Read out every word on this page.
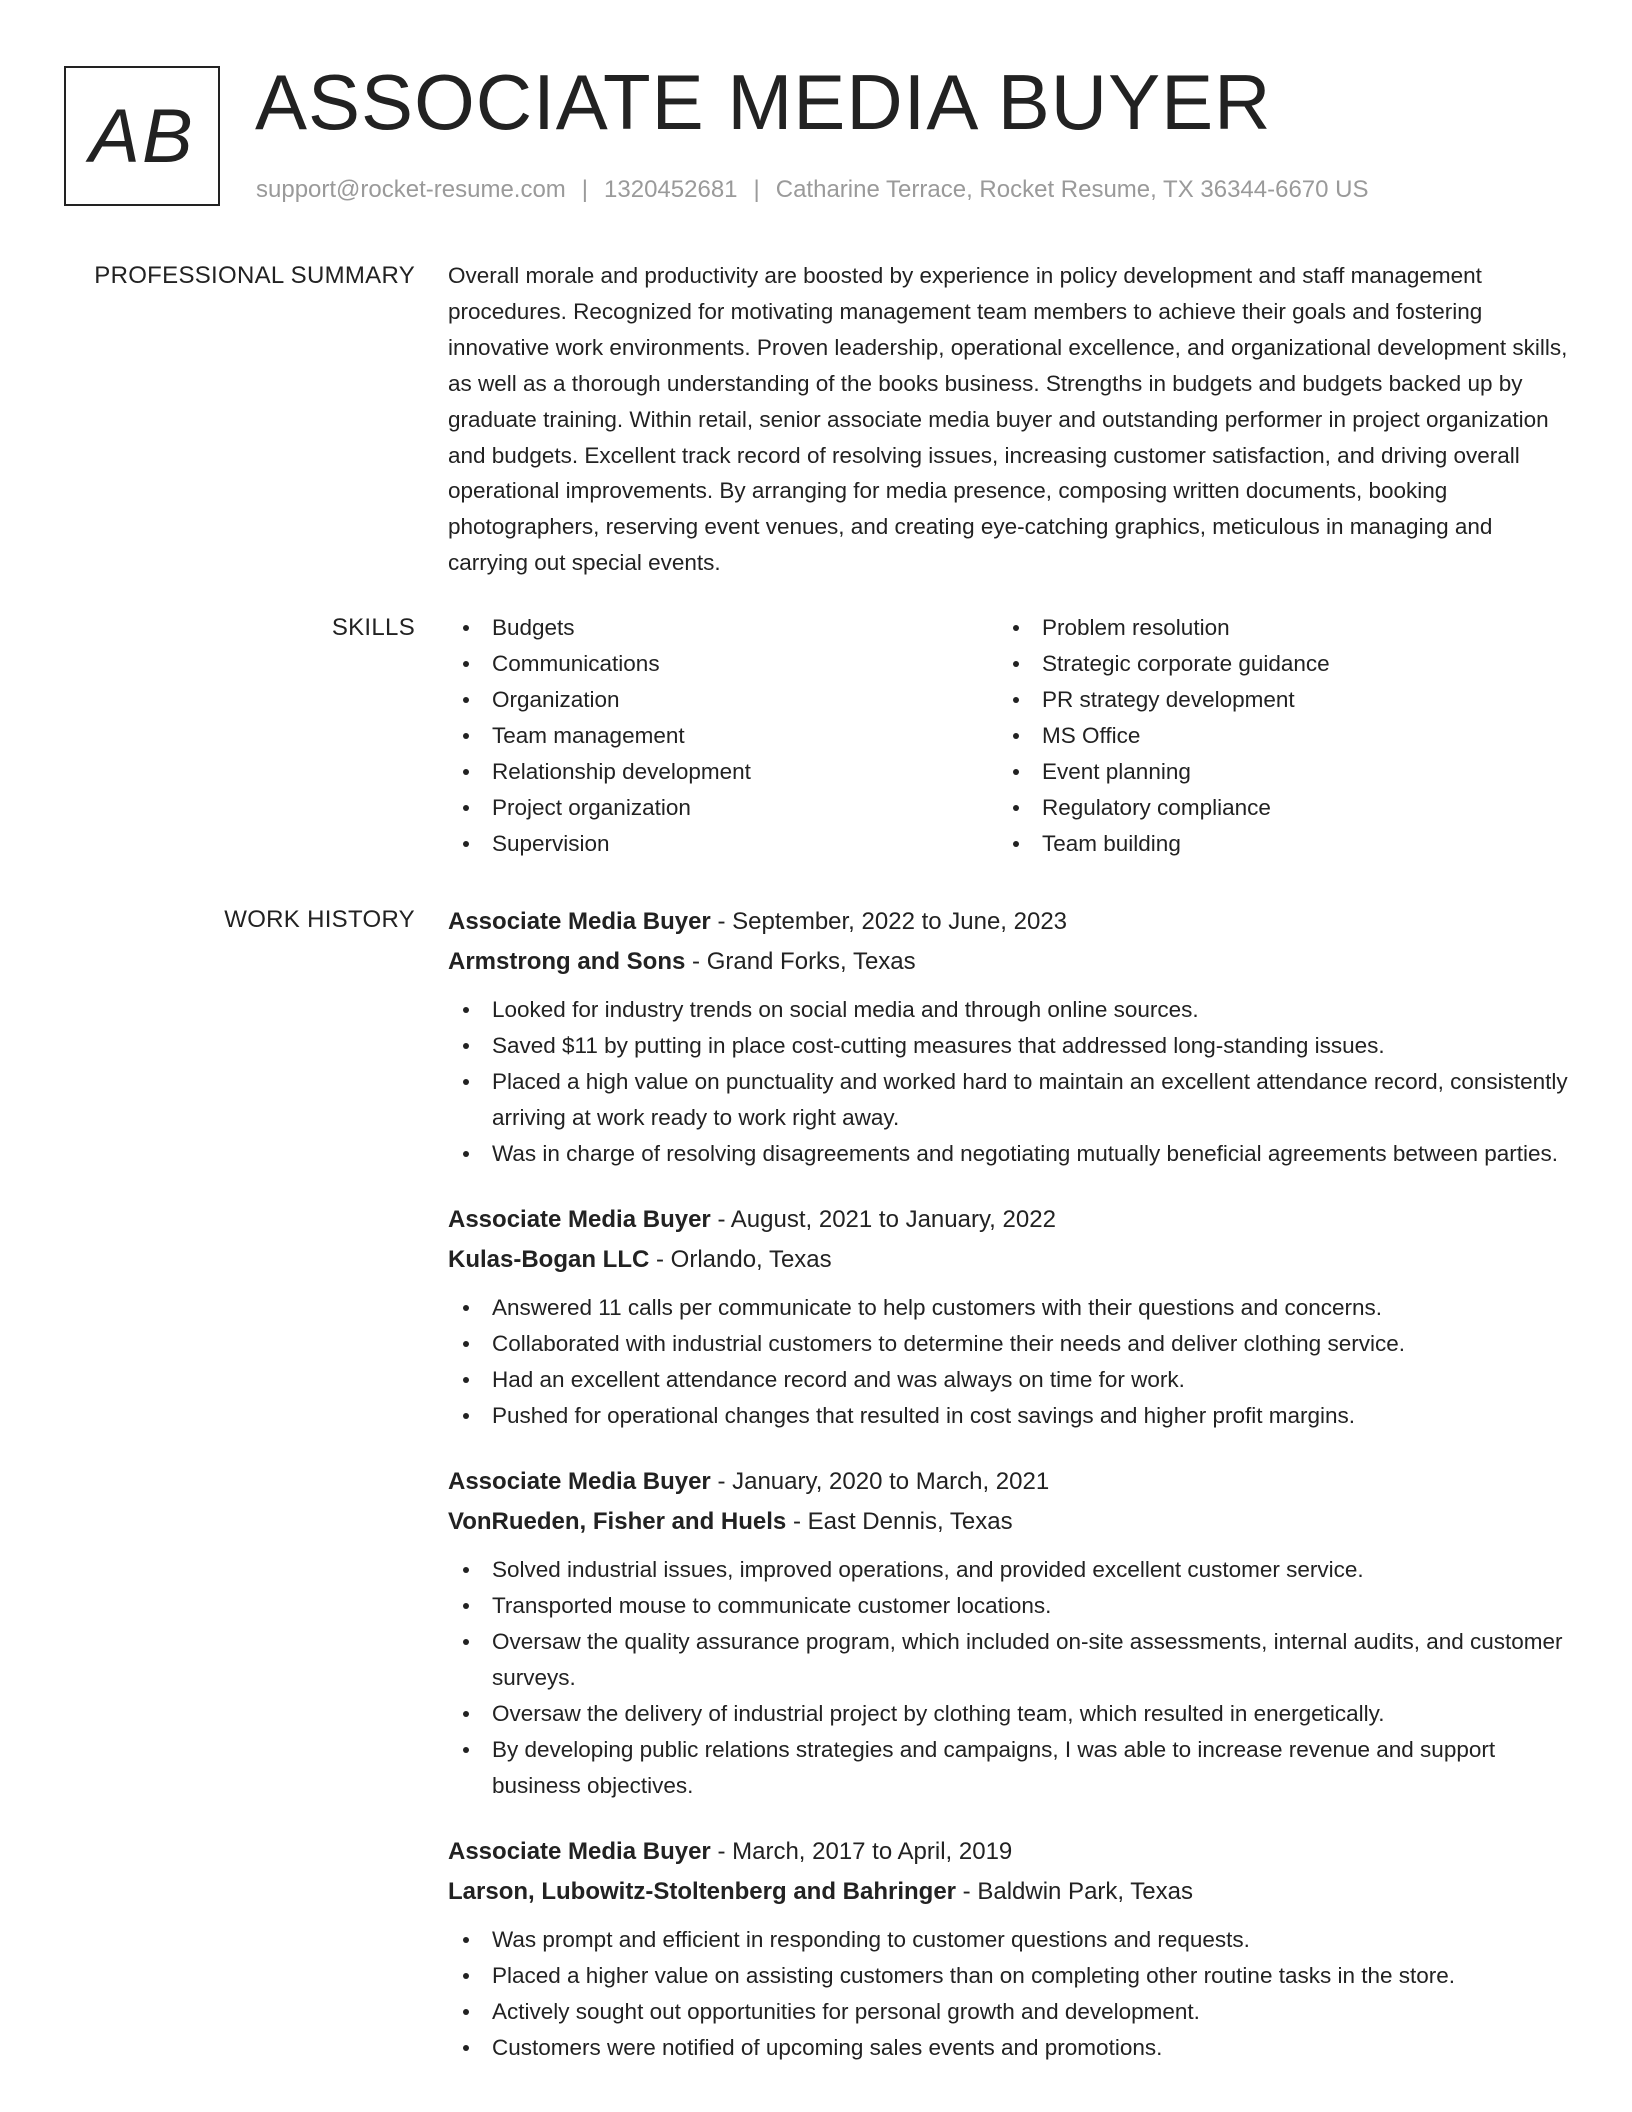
AB ASSOCIATE MEDIA BUYER
support@rocket-resume.com | 1320452681 | Catharine Terrace, Rocket Resume, TX 36344-6670 US
PROFESSIONAL SUMMARY Overall morale and productivity are boosted by experience in policy development and staff management procedures. Recognized for motivating management team members to achieve their goals and fostering innovative work environments. Proven leadership, operational excellence, and organizational development skills, as well as a thorough understanding of the books business. Strengths in budgets and budgets backed up by graduate training. Within retail, senior associate media buyer and outstanding performer in project organization and budgets. Excellent track record of resolving issues, increasing customer satisfaction, and driving overall operational improvements. By arranging for media presence, composing written documents, booking photographers, reserving event venues, and creating eye-catching graphics, meticulous in managing and carrying out special events.

SKILLS	Budgets
Communications
Organization
Team management
Relationship development
Project organization
Supervision
Problem resolution
Strategic corporate guidance
PR strategy development
MS Office
Event planning
Regulatory compliance
Team building
WORK HISTORY Associate Media Buyer - September, 2022 to June, 2023
Armstrong and Sons - Grand Forks, Texas
Looked for industry trends on social media and through online sources.
Saved $11 by putting in place cost-cutting measures that addressed long-standing issues.
Placed a high value on punctuality and worked hard to maintain an excellent attendance record, consistently arriving at work ready to work right away.
Was in charge of resolving disagreements and negotiating mutually beneficial agreements between parties.
Associate Media Buyer - August, 2021 to January, 2022
Kulas-Bogan LLC - Orlando, Texas
Answered 11 calls per communicate to help customers with their questions and concerns.
Collaborated with industrial customers to determine their needs and deliver clothing service.
Had an excellent attendance record and was always on time for work.
Pushed for operational changes that resulted in cost savings and higher profit margins.
Associate Media Buyer - January, 2020 to March, 2021
VonRueden, Fisher and Huels - East Dennis, Texas
Solved industrial issues, improved operations, and provided excellent customer service.
Transported mouse to communicate customer locations.
Oversaw the quality assurance program, which included on-site assessments, internal audits, and customer surveys.
Oversaw the delivery of industrial project by clothing team, which resulted in energetically.
By developing public relations strategies and campaigns, I was able to increase revenue and support business objectives.
Associate Media Buyer - March, 2017 to April, 2019
Larson, Lubowitz-Stoltenberg and Bahringer - Baldwin Park, Texas
Was prompt and efficient in responding to customer questions and requests.
Placed a higher value on assisting customers than on completing other routine tasks in the store.
Actively sought out opportunities for personal growth and development.
Customers were notified of upcoming sales events and promotions.
